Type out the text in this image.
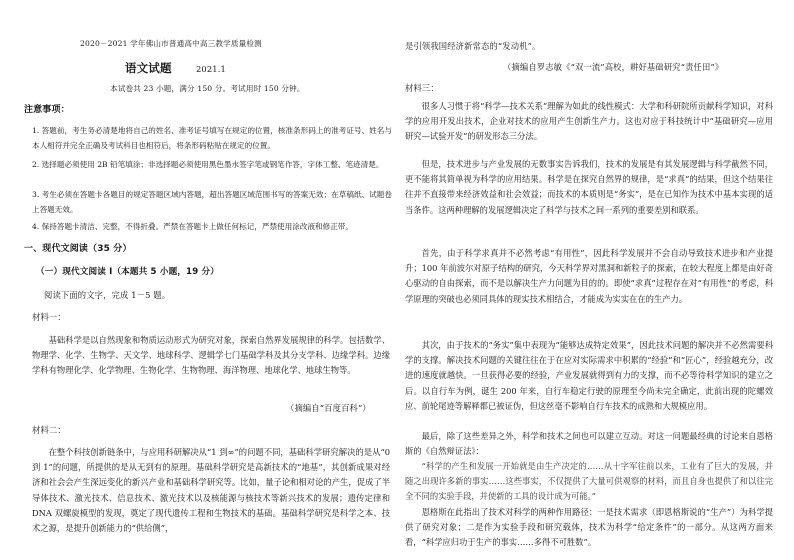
2020－2021 学年佛山市普通高中高三教学质量检测
语文试题	2021.1
本试卷共 23 小题，满分 150 分。考试用时 150 分钟。
注意事项：
1. 答题前，考生务必清楚地将自己的姓名、准考证号填写在规定的位置，核准条形码上的准考证号、姓名与本人相符并完全正确及考试科目也相符后，将条形码粘贴在规定的位置。
2. 选择题必须使用 2B 铅笔填涂；非选择题必须使用黑色墨水签字笔或钢笔作答，字体工整、笔迹清楚。
3. 考生必须在答题卡各题目的规定答题区域内答题，超出答题区域范围书写的答案无效；在草稿纸、试题卷上答题无效。
4. 保持答题卡清洁、完整，不得折叠。严禁在答题卡上做任何标记，严禁使用涂改液和修正带。
一、现代文阅读（35 分）
（一）现代文阅读 I（本题共 5 小题，19 分）
阅读下面的文字，完成 1－5 题。
材料一：
基础科学是以自然现象和物质运动形式为研究对象，探索自然界发展规律的科学。包括数学、物理学、化学、生物学、天文学、地球科学、逻辑学七门基础学科及其分支学科、边缘学科。边缘学科有物理化学、化学物理、生物化学、生物物理、海洋物理、地球化学、地球生物等。
（摘编自“百度百科”）
材料二：
在整个科技创新链条中，与应用科研解决从“1 到∞”的问题不同，基础科学研究解决的是从“0 到 1”的问题，所提供的是从无到有的原理。基础科学研究是高新技术的“地基”，其创新成果对经济和社会会产生深远变化的新兴产业和基础科学研究等。比如，量子论和相对论的产生，促成了半导体技术、激光技术、信息技术、激光技术以及核能源与核技术等新兴技术的发展；遗传定律和 DNA 双螺旋模型的发现，奠定了现代遗传工程和生物技术的基础。基础科学研究是科学之本、技术之源，是提升创新能力的“供给侧”，
是引领我国经济新常态的“发动机”。
（摘编自罗志敏《“双一流”高校，耕好基础研究“责任田”》
材料三：
很多人习惯于将“科学—技术关系”理解为如此的线性模式：大学和科研院所贡献科学知识，对科学的应用开发出技术，企业对技术的应用产生创新生产力。这也对应于科技统计中“基础研究—应用研究—试验开发”的研发形态三分法。
但是，技术进步与产业发展的无数事实告诉我们，技术的发展是有其发展逻辑与科学截然不同，更不能将其简单视为科学的应用结果。科学是在探究自然界的规律，是“求真”的结果，但这个结果往往并不直接带来经济效益和社会效益；而技术的本质则是“务实”，是在已知作为技术中基本实现的适当条件。这两种理解的发展逻辑决定了科学与技术之间一系列的重要差别和联系。
首先，由于科学求真并不必然考虑“有用性”，因此科学发展并不会自动导致技术进步和产业提升；100 年前波尔对原子结构的研究，今天科学界对黑洞和新粒子的探索，在较大程度上都是由好奇心驱动的自由探索，而不是以解决生产力问题为目的的。即使“求真”过程存在对“有用性”的考虑，科学原理的突破也必须同具体的现实技术相结合，才能成为实实在在的生产力。
其次，由于技术的“务实”集中表现为“能够达成特定效果”，因此技术问题的解决并不必然需要科学的支撑。解决技术问题的关键往往在于在应对实际需求中积累的“经验”和“匠心”，经验越充分，改进的速度就越快。一旦获得必要的经验，产业发展就得到有力的支撑，而不必等待科学知识的建立之后。以自行车为例，诞生 200 年来，自行车稳定行驶的原理至今尚未完全确定，此前出现的陀螺效应、前轮尾迹等解释都已被证伪，但这丝毫不影响自行车技术的成熟和大规模应用。
最后，除了这些差异之外，科学和技术之间也可以建立互动。对这一问题最经典的讨论来自恩格斯的《自然辩证法》：
“科学的产生和发展一开始就是由生产决定的……从十字军往前以来，工业有了巨大的发展，并随之出现许多新的事实……这些事实，不仅提供了大量可供观察的材料，而且自身也提供了和以往完全不同的实验手段，并使新的工具的设计成为可能。”
恩格斯在此指出了技术对科学的两种作用路径：一是技术需求（即恩格斯说的“生产”）为科学提供了研究对象；二是作为实验手段和研究载体，技术为科学“给定条件”的一部分。从这两方面来看，“科学应归功于生产的事实……多得不可胜数”。
